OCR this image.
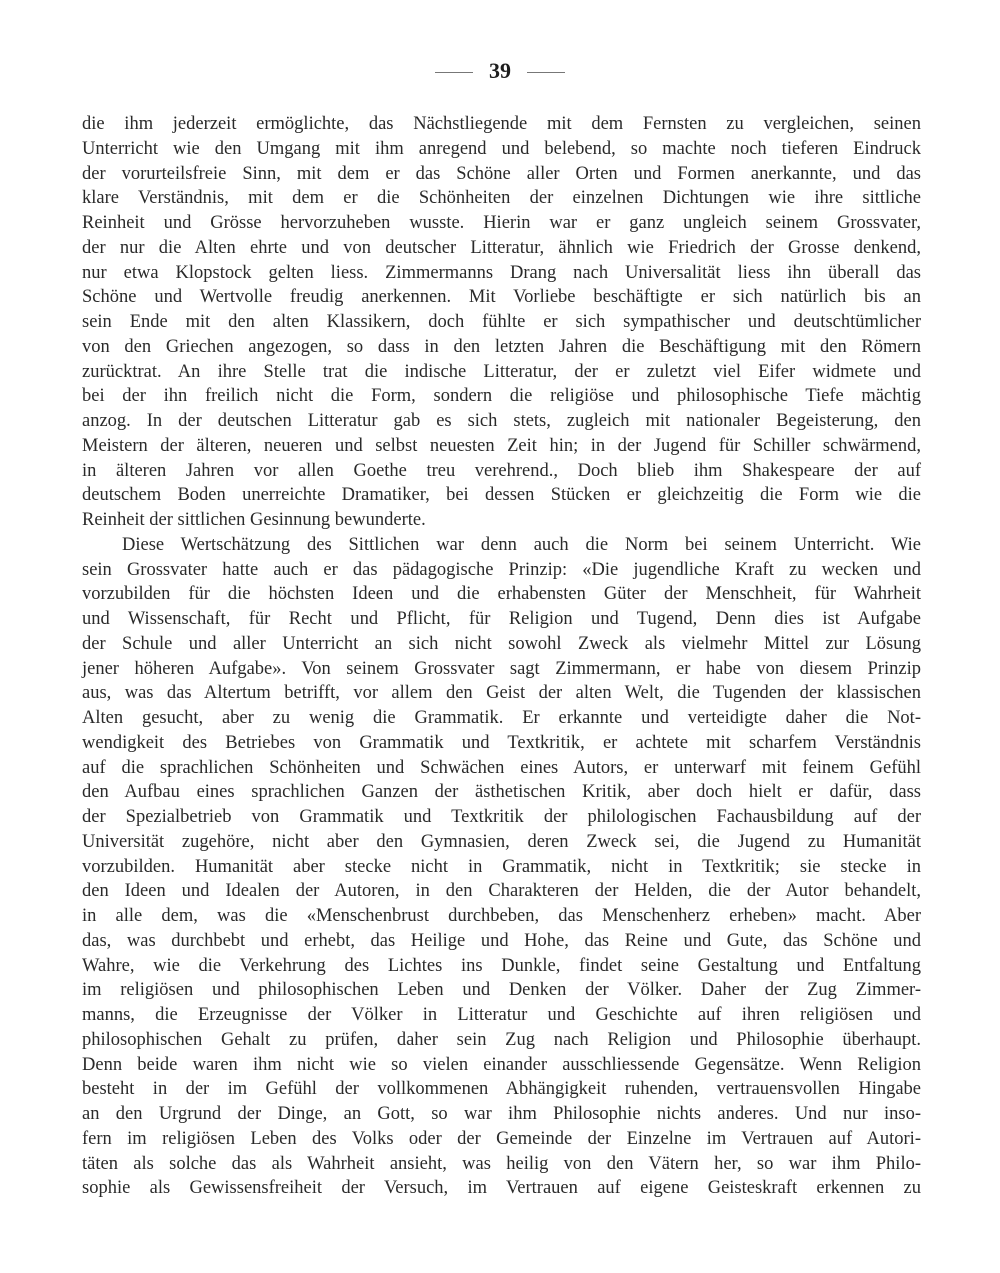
39
die ihm jederzeit ermöglichte, das Nächstliegende mit dem Fernsten zu vergleichen, seinen
Unterricht wie den Umgang mit ihm anregend und belebend, so machte noch tieferen Eindruck
der vorurteilsfreie Sinn, mit dem er das Schöne aller Orten und Formen anerkannte, und das
klare Verständnis, mit dem er die Schönheiten der einzelnen Dichtungen wie ihre sittliche
Reinheit und Grösse hervorzuheben wusste. Hierin war er ganz ungleich seinem Grossvater,
der nur die Alten ehrte und von deutscher Litteratur, ähnlich wie Friedrich der Grosse denkend,
nur etwa Klopstock gelten liess. Zimmermanns Drang nach Universalität liess ihn überall das
Schöne und Wertvolle freudig anerkennen. Mit Vorliebe beschäftigte er sich natürlich bis an
sein Ende mit den alten Klassikern, doch fühlte er sich sympathischer und deutschtümlicher
von den Griechen angezogen, so dass in den letzten Jahren die Beschäftigung mit den Römern
zurücktrat. An ihre Stelle trat die indische Litteratur, der er zuletzt viel Eifer widmete und
bei der ihn freilich nicht die Form, sondern die religiöse und philosophische Tiefe mächtig
anzog. In der deutschen Litteratur gab es sich stets, zugleich mit nationaler Begeisterung, den
Meistern der älteren, neueren und selbst neuesten Zeit hin; in der Jugend für Schiller schwärmend,
in älteren Jahren vor allen Goethe treu verehrend., Doch blieb ihm Shakespeare der auf
deutschem Boden unerreichte Dramatiker, bei dessen Stücken er gleichzeitig die Form wie die
Reinheit der sittlichen Gesinnung bewunderte.
Diese Wertschätzung des Sittlichen war denn auch die Norm bei seinem Unterricht. Wie
sein Grossvater hatte auch er das pädagogische Prinzip: «Die jugendliche Kraft zu wecken und
vorzubilden für die höchsten Ideen und die erhabensten Güter der Menschheit, für Wahrheit
und Wissenschaft, für Recht und Pflicht, für Religion und Tugend, Denn dies ist Aufgabe
der Schule und aller Unterricht an sich nicht sowohl Zweck als vielmehr Mittel zur Lösung
jener höheren Aufgabe». Von seinem Grossvater sagt Zimmermann, er habe von diesem Prinzip
aus, was das Altertum betrifft, vor allem den Geist der alten Welt, die Tugenden der klassischen
Alten gesucht, aber zu wenig die Grammatik. Er erkannte und verteidigte daher die Not-
wendigkeit des Betriebes von Grammatik und Textkritik, er achtete mit scharfem Verständnis
auf die sprachlichen Schönheiten und Schwächen eines Autors, er unterwarf mit feinem Gefühl
den Aufbau eines sprachlichen Ganzen der ästhetischen Kritik, aber doch hielt er dafür, dass
der Spezialbetrieb von Grammatik und Textkritik der philologischen Fachausbildung auf der
Universität zugehöre, nicht aber den Gymnasien, deren Zweck sei, die Jugend zu Humanität
vorzubilden. Humanität aber stecke nicht in Grammatik, nicht in Textkritik; sie stecke in
den Ideen und Idealen der Autoren, in den Charakteren der Helden, die der Autor behandelt,
in alle dem, was die «Menschenbrust durchbeben, das Menschenherz erheben» macht. Aber
das, was durchbebt und erhebt, das Heilige und Hohe, das Reine und Gute, das Schöne und
Wahre, wie die Verkehrung des Lichtes ins Dunkle, findet seine Gestaltung und Entfaltung
im religiösen und philosophischen Leben und Denken der Völker. Daher der Zug Zimmer-
manns, die Erzeugnisse der Völker in Litteratur und Geschichte auf ihren religiösen und
philosophischen Gehalt zu prüfen, daher sein Zug nach Religion und Philosophie überhaupt.
Denn beide waren ihm nicht wie so vielen einander ausschliessende Gegensätze. Wenn Religion
besteht in der im Gefühl der vollkommenen Abhängigkeit ruhenden, vertrauensvollen Hingabe
an den Urgrund der Dinge, an Gott, so war ihm Philosophie nichts anderes. Und nur inso-
fern im religiösen Leben des Volks oder der Gemeinde der Einzelne im Vertrauen auf Autori-
täten als solche das als Wahrheit ansieht, was heilig von den Vätern her, so war ihm Philo-
sophie als Gewissensfreiheit der Versuch, im Vertrauen auf eigene Geisteskraft erkennen zu
